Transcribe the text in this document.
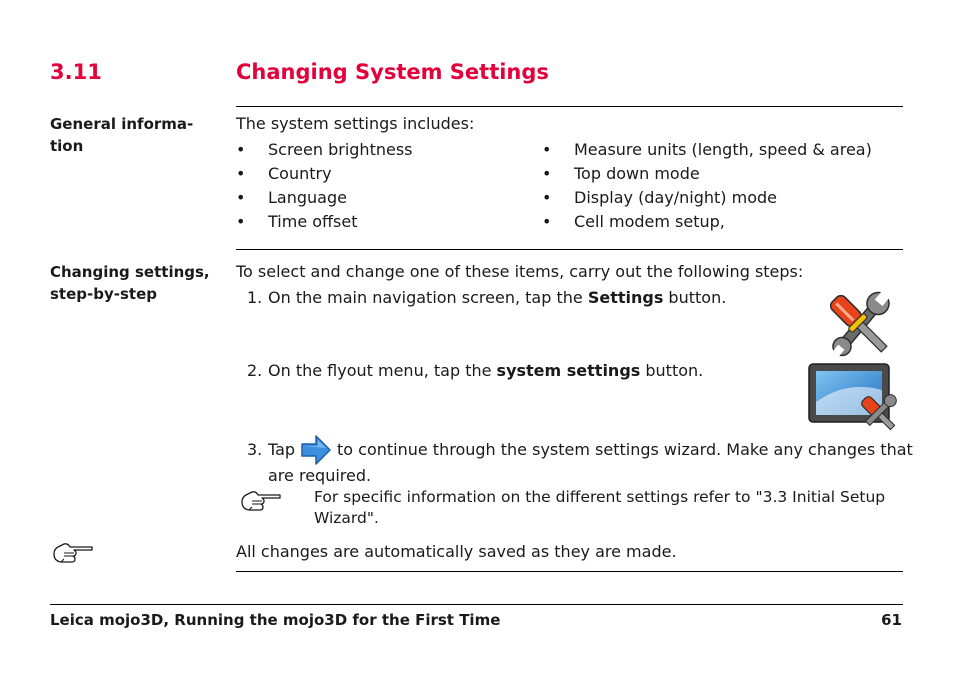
3.11	Changing System Settings
General informa-
tion
The system settings includes:
• Screen brightness
• Country
• Language
• Time offset
• Measure units (length, speed & area)
• Top down mode
• Display (day/night) mode
• Cell modem setup,
Changing settings,
step-by-step
To select and change one of these items, carry out the following steps:
1. On the main navigation screen, tap the Settings button.
2. On the flyout menu, tap the system settings button.
3. Tap	to continue through the system settings wizard. Make any changes that
are required.
For specific information on the different settings refer to "3.3 Initial Setup
Wizard".
All changes are automatically saved as they are made.
Leica mojo3D, Running the mojo3D for the First Time	61
